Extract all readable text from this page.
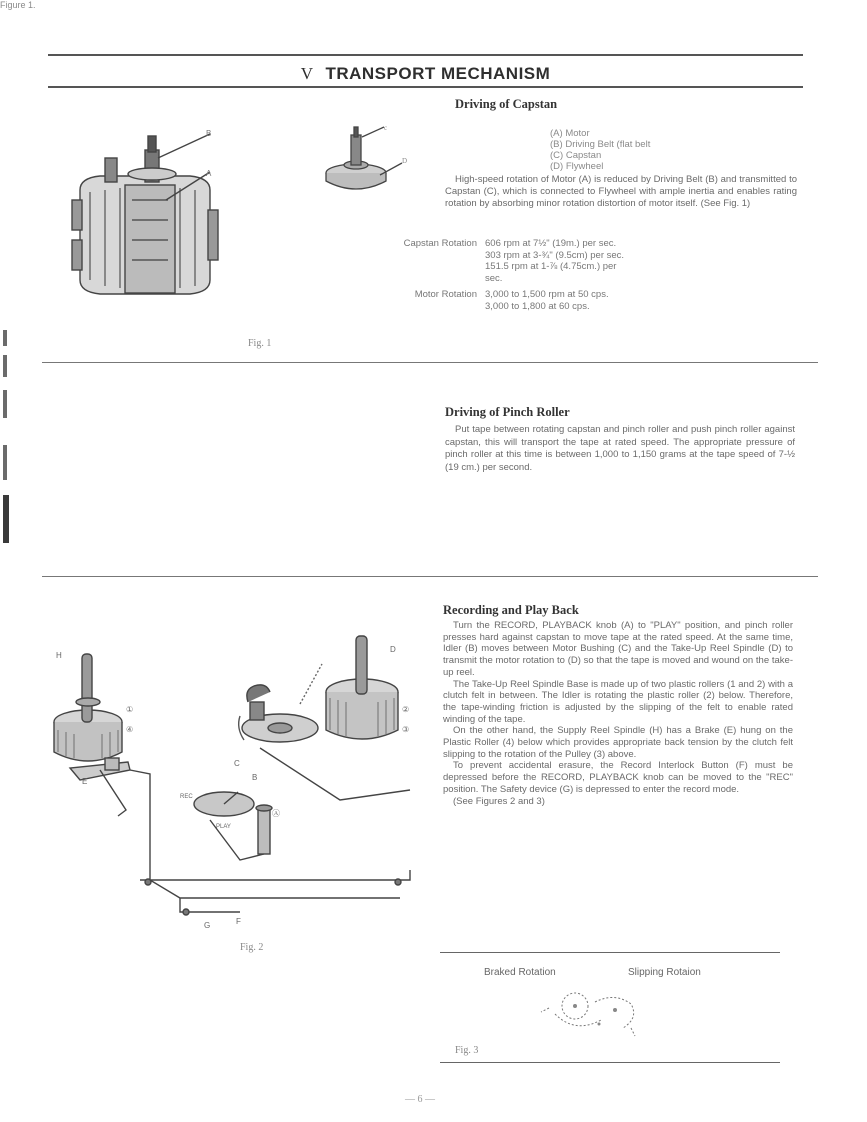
V TRANSPORT MECHANISM
B
A
c
D
Fig. 1
Driving of Capstan
Figure 1.
(A) Motor
(B) Driving Belt (flat belt
(C) Capstan
(D) Flywheel

High-speed rotation of Motor (A) is reduced by Driving Belt (B) and transmitted to Capstan (C), which is connected to Flywheel with ample inertia and enables rating rotation by absorbing minor rotation distortion of motor itself. (See Fig. 1)

Capstan Rotation 606 rpm at 7½" (19m.) per sec.
303 rpm at 3-¾" (9.5cm) per sec.
151.5 rpm at 1-⅞ (4.75cm.) per
sec.
Motor Rotation 3,000 to 1,500 rpm at 50 cps.
3,000 to 1,800 at 60 cps.
Driving of Pinch Roller

Put tape between rotating capstan and pinch roller and push pinch roller against capstan, this will transport the tape at rated speed. The appropriate pressure of pinch roller at this time is between 1,000 to 1,150 grams at the tape speed of 7-½ (19 cm.) per second.

H
D
①
④
②
③
E
C
B
Ⓐ
REC
PLAY
G	F
Fig. 2
Recording and Play Back

Turn the RECORD, PLAYBACK knob (A) to "PLAY" position, and pinch roller presses hard against capstan to move tape at the rated speed. At the same time, Idler (B) moves between Motor Bushing (C) and the Take-Up Reel Spindle (D) to transmit the motor rotation to (D) so that the tape is moved and wound on the take-up reel.

The Take-Up Reel Spindle Base is made up of two plastic rollers (1 and 2) with a clutch felt in between. The Idler is rotating the plastic roller (2) below. Therefore, the tape-winding friction is adjusted by the slipping of the felt to enable rated winding of the tape.

On the other hand, the Supply Reel Spindle (H) has a Brake (E) hung on the Plastic Roller (4) below which provides appropriate back tension by the clutch felt slipping to the rotation of the Pulley (3) above.

To prevent accidental erasure, the Record Interlock Button (F) must be depressed before the RECORD, PLAYBACK knob can be moved to the "REC" position. The Safety device (G) is depressed to enter the record mode.

(See Figures 2 and 3)

Braked Rotation	Slipping Rotaion
Fig. 3
— 6 —
